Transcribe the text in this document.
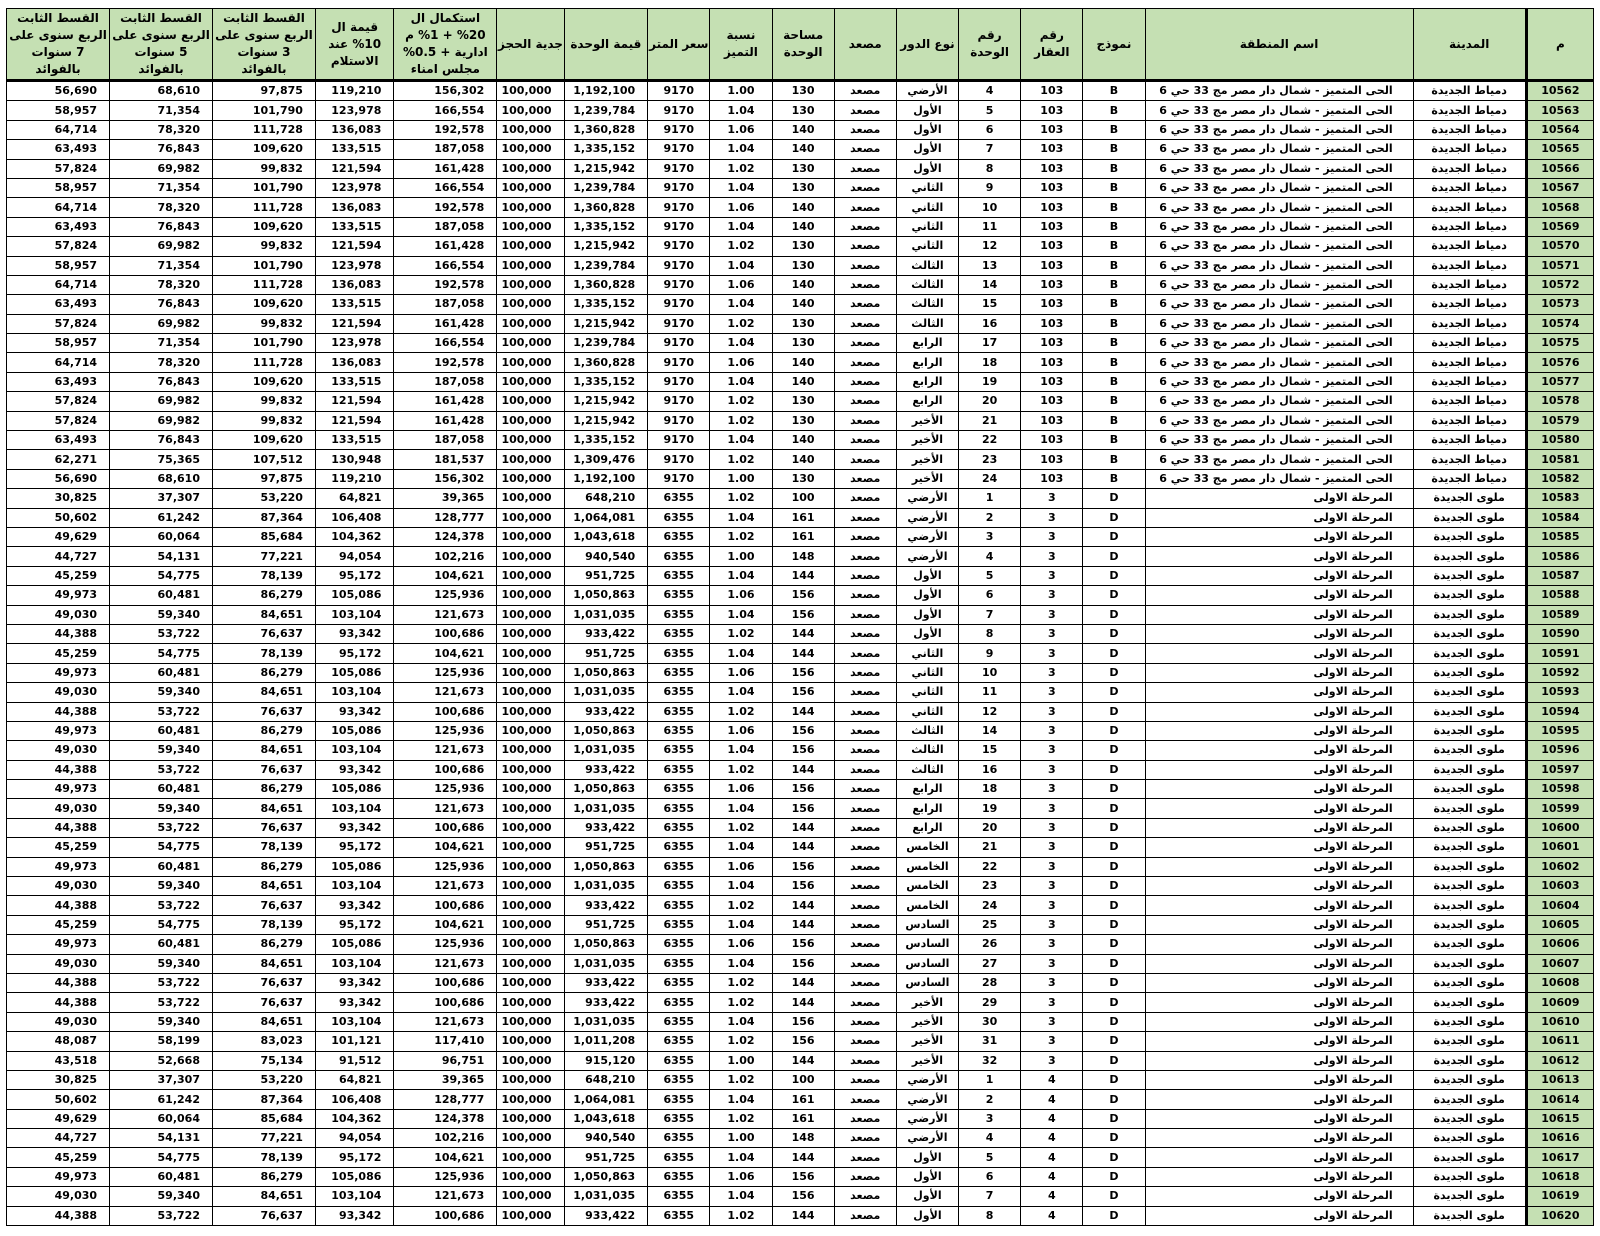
م	المدينة	اسم المنطقة	نموذج	رقم العقار	رقم الوحدة	نوع الدور	مصعد	مساحة الوحدة	نسبة التميز	سعر المتر	قيمة الوحدة	جدية الحجز	استكمال ال 20% + 1% م ادارية + 0.5% مجلس امناء	قيمة ال 10% عند الاستلام	القسط الثابت الربع سنوى على 3 سنوات بالفوائد	القسط الثابت الربع سنوى على 5 سنوات بالفوائد	القسط الثابت الربع سنوى على 7 سنوات بالفوائد
10562	دمياط الجديدة	الحى المتميز - شمال دار مصر مج 33 حي 6	B	103	4	الأرضي	مصعد	130	1.00	9170	1,192,100	100,000	156,302	119,210	97,875	68,610	56,690
10563	دمياط الجديدة	الحى المتميز - شمال دار مصر مج 33 حي 6	B	103	5	الأول	مصعد	130	1.04	9170	1,239,784	100,000	166,554	123,978	101,790	71,354	58,957
10564	دمياط الجديدة	الحى المتميز - شمال دار مصر مج 33 حي 6	B	103	6	الأول	مصعد	140	1.06	9170	1,360,828	100,000	192,578	136,083	111,728	78,320	64,714
10565	دمياط الجديدة	الحى المتميز - شمال دار مصر مج 33 حي 6	B	103	7	الأول	مصعد	140	1.04	9170	1,335,152	100,000	187,058	133,515	109,620	76,843	63,493
10566	دمياط الجديدة	الحى المتميز - شمال دار مصر مج 33 حي 6	B	103	8	الأول	مصعد	130	1.02	9170	1,215,942	100,000	161,428	121,594	99,832	69,982	57,824
10567	دمياط الجديدة	الحى المتميز - شمال دار مصر مج 33 حي 6	B	103	9	الثاني	مصعد	130	1.04	9170	1,239,784	100,000	166,554	123,978	101,790	71,354	58,957
10568	دمياط الجديدة	الحى المتميز - شمال دار مصر مج 33 حي 6	B	103	10	الثاني	مصعد	140	1.06	9170	1,360,828	100,000	192,578	136,083	111,728	78,320	64,714
10569	دمياط الجديدة	الحى المتميز - شمال دار مصر مج 33 حي 6	B	103	11	الثاني	مصعد	140	1.04	9170	1,335,152	100,000	187,058	133,515	109,620	76,843	63,493
10570	دمياط الجديدة	الحى المتميز - شمال دار مصر مج 33 حي 6	B	103	12	الثاني	مصعد	130	1.02	9170	1,215,942	100,000	161,428	121,594	99,832	69,982	57,824
10571	دمياط الجديدة	الحى المتميز - شمال دار مصر مج 33 حي 6	B	103	13	الثالث	مصعد	130	1.04	9170	1,239,784	100,000	166,554	123,978	101,790	71,354	58,957
10572	دمياط الجديدة	الحى المتميز - شمال دار مصر مج 33 حي 6	B	103	14	الثالث	مصعد	140	1.06	9170	1,360,828	100,000	192,578	136,083	111,728	78,320	64,714
10573	دمياط الجديدة	الحى المتميز - شمال دار مصر مج 33 حي 6	B	103	15	الثالث	مصعد	140	1.04	9170	1,335,152	100,000	187,058	133,515	109,620	76,843	63,493
10574	دمياط الجديدة	الحى المتميز - شمال دار مصر مج 33 حي 6	B	103	16	الثالث	مصعد	130	1.02	9170	1,215,942	100,000	161,428	121,594	99,832	69,982	57,824
10575	دمياط الجديدة	الحى المتميز - شمال دار مصر مج 33 حي 6	B	103	17	الرابع	مصعد	130	1.04	9170	1,239,784	100,000	166,554	123,978	101,790	71,354	58,957
10576	دمياط الجديدة	الحى المتميز - شمال دار مصر مج 33 حي 6	B	103	18	الرابع	مصعد	140	1.06	9170	1,360,828	100,000	192,578	136,083	111,728	78,320	64,714
10577	دمياط الجديدة	الحى المتميز - شمال دار مصر مج 33 حي 6	B	103	19	الرابع	مصعد	140	1.04	9170	1,335,152	100,000	187,058	133,515	109,620	76,843	63,493
10578	دمياط الجديدة	الحى المتميز - شمال دار مصر مج 33 حي 6	B	103	20	الرابع	مصعد	130	1.02	9170	1,215,942	100,000	161,428	121,594	99,832	69,982	57,824
10579	دمياط الجديدة	الحى المتميز - شمال دار مصر مج 33 حي 6	B	103	21	الأخير	مصعد	130	1.02	9170	1,215,942	100,000	161,428	121,594	99,832	69,982	57,824
10580	دمياط الجديدة	الحى المتميز - شمال دار مصر مج 33 حي 6	B	103	22	الأخير	مصعد	140	1.04	9170	1,335,152	100,000	187,058	133,515	109,620	76,843	63,493
10581	دمياط الجديدة	الحى المتميز - شمال دار مصر مج 33 حي 6	B	103	23	الأخير	مصعد	140	1.02	9170	1,309,476	100,000	181,537	130,948	107,512	75,365	62,271
10582	دمياط الجديدة	الحى المتميز - شمال دار مصر مج 33 حي 6	B	103	24	الأخير	مصعد	130	1.00	9170	1,192,100	100,000	156,302	119,210	97,875	68,610	56,690
10583	ملوى الجديدة	المرحلة الاولى	D	3	1	الأرضي	مصعد	100	1.02	6355	648,210	100,000	39,365	64,821	53,220	37,307	30,825
10584	ملوى الجديدة	المرحلة الاولى	D	3	2	الأرضي	مصعد	161	1.04	6355	1,064,081	100,000	128,777	106,408	87,364	61,242	50,602
10585	ملوى الجديدة	المرحلة الاولى	D	3	3	الأرضي	مصعد	161	1.02	6355	1,043,618	100,000	124,378	104,362	85,684	60,064	49,629
10586	ملوى الجديدة	المرحلة الاولى	D	3	4	الأرضي	مصعد	148	1.00	6355	940,540	100,000	102,216	94,054	77,221	54,131	44,727
10587	ملوى الجديدة	المرحلة الاولى	D	3	5	الأول	مصعد	144	1.04	6355	951,725	100,000	104,621	95,172	78,139	54,775	45,259
10588	ملوى الجديدة	المرحلة الاولى	D	3	6	الأول	مصعد	156	1.06	6355	1,050,863	100,000	125,936	105,086	86,279	60,481	49,973
10589	ملوى الجديدة	المرحلة الاولى	D	3	7	الأول	مصعد	156	1.04	6355	1,031,035	100,000	121,673	103,104	84,651	59,340	49,030
10590	ملوى الجديدة	المرحلة الاولى	D	3	8	الأول	مصعد	144	1.02	6355	933,422	100,000	100,686	93,342	76,637	53,722	44,388
10591	ملوى الجديدة	المرحلة الاولى	D	3	9	الثاني	مصعد	144	1.04	6355	951,725	100,000	104,621	95,172	78,139	54,775	45,259
10592	ملوى الجديدة	المرحلة الاولى	D	3	10	الثاني	مصعد	156	1.06	6355	1,050,863	100,000	125,936	105,086	86,279	60,481	49,973
10593	ملوى الجديدة	المرحلة الاولى	D	3	11	الثاني	مصعد	156	1.04	6355	1,031,035	100,000	121,673	103,104	84,651	59,340	49,030
10594	ملوى الجديدة	المرحلة الاولى	D	3	12	الثاني	مصعد	144	1.02	6355	933,422	100,000	100,686	93,342	76,637	53,722	44,388
10595	ملوى الجديدة	المرحلة الاولى	D	3	14	الثالث	مصعد	156	1.06	6355	1,050,863	100,000	125,936	105,086	86,279	60,481	49,973
10596	ملوى الجديدة	المرحلة الاولى	D	3	15	الثالث	مصعد	156	1.04	6355	1,031,035	100,000	121,673	103,104	84,651	59,340	49,030
10597	ملوى الجديدة	المرحلة الاولى	D	3	16	الثالث	مصعد	144	1.02	6355	933,422	100,000	100,686	93,342	76,637	53,722	44,388
10598	ملوى الجديدة	المرحلة الاولى	D	3	18	الرابع	مصعد	156	1.06	6355	1,050,863	100,000	125,936	105,086	86,279	60,481	49,973
10599	ملوى الجديدة	المرحلة الاولى	D	3	19	الرابع	مصعد	156	1.04	6355	1,031,035	100,000	121,673	103,104	84,651	59,340	49,030
10600	ملوى الجديدة	المرحلة الاولى	D	3	20	الرابع	مصعد	144	1.02	6355	933,422	100,000	100,686	93,342	76,637	53,722	44,388
10601	ملوى الجديدة	المرحلة الاولى	D	3	21	الخامس	مصعد	144	1.04	6355	951,725	100,000	104,621	95,172	78,139	54,775	45,259
10602	ملوى الجديدة	المرحلة الاولى	D	3	22	الخامس	مصعد	156	1.06	6355	1,050,863	100,000	125,936	105,086	86,279	60,481	49,973
10603	ملوى الجديدة	المرحلة الاولى	D	3	23	الخامس	مصعد	156	1.04	6355	1,031,035	100,000	121,673	103,104	84,651	59,340	49,030
10604	ملوى الجديدة	المرحلة الاولى	D	3	24	الخامس	مصعد	144	1.02	6355	933,422	100,000	100,686	93,342	76,637	53,722	44,388
10605	ملوى الجديدة	المرحلة الاولى	D	3	25	السادس	مصعد	144	1.04	6355	951,725	100,000	104,621	95,172	78,139	54,775	45,259
10606	ملوى الجديدة	المرحلة الاولى	D	3	26	السادس	مصعد	156	1.06	6355	1,050,863	100,000	125,936	105,086	86,279	60,481	49,973
10607	ملوى الجديدة	المرحلة الاولى	D	3	27	السادس	مصعد	156	1.04	6355	1,031,035	100,000	121,673	103,104	84,651	59,340	49,030
10608	ملوى الجديدة	المرحلة الاولى	D	3	28	السادس	مصعد	144	1.02	6355	933,422	100,000	100,686	93,342	76,637	53,722	44,388
10609	ملوى الجديدة	المرحلة الاولى	D	3	29	الأخير	مصعد	144	1.02	6355	933,422	100,000	100,686	93,342	76,637	53,722	44,388
10610	ملوى الجديدة	المرحلة الاولى	D	3	30	الأخير	مصعد	156	1.04	6355	1,031,035	100,000	121,673	103,104	84,651	59,340	49,030
10611	ملوى الجديدة	المرحلة الاولى	D	3	31	الأخير	مصعد	156	1.02	6355	1,011,208	100,000	117,410	101,121	83,023	58,199	48,087
10612	ملوى الجديدة	المرحلة الاولى	D	3	32	الأخير	مصعد	144	1.00	6355	915,120	100,000	96,751	91,512	75,134	52,668	43,518
10613	ملوى الجديدة	المرحلة الاولى	D	4	1	الأرضي	مصعد	100	1.02	6355	648,210	100,000	39,365	64,821	53,220	37,307	30,825
10614	ملوى الجديدة	المرحلة الاولى	D	4	2	الأرضي	مصعد	161	1.04	6355	1,064,081	100,000	128,777	106,408	87,364	61,242	50,602
10615	ملوى الجديدة	المرحلة الاولى	D	4	3	الأرضي	مصعد	161	1.02	6355	1,043,618	100,000	124,378	104,362	85,684	60,064	49,629
10616	ملوى الجديدة	المرحلة الاولى	D	4	4	الأرضي	مصعد	148	1.00	6355	940,540	100,000	102,216	94,054	77,221	54,131	44,727
10617	ملوى الجديدة	المرحلة الاولى	D	4	5	الأول	مصعد	144	1.04	6355	951,725	100,000	104,621	95,172	78,139	54,775	45,259
10618	ملوى الجديدة	المرحلة الاولى	D	4	6	الأول	مصعد	156	1.06	6355	1,050,863	100,000	125,936	105,086	86,279	60,481	49,973
10619	ملوى الجديدة	المرحلة الاولى	D	4	7	الأول	مصعد	156	1.04	6355	1,031,035	100,000	121,673	103,104	84,651	59,340	49,030
10620	ملوى الجديدة	المرحلة الاولى	D	4	8	الأول	مصعد	144	1.02	6355	933,422	100,000	100,686	93,342	76,637	53,722	44,388
